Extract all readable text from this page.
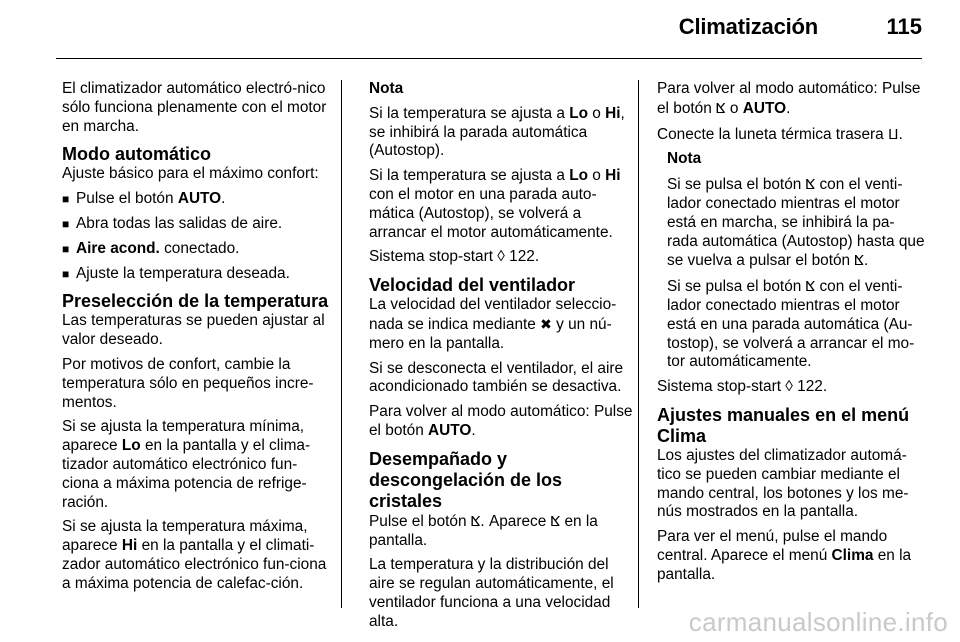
Climatización	115

El climatizador automático electró-nico sólo funciona plenamente con el motor en marcha.

Modo automático

Ajuste básico para el máximo confort:

■ Pulse el botón AUTO.
■ Abra todas las salidas de aire.
■ Aire acond. conectado.
■ Ajuste la temperatura deseada.
Preselección de la temperatura

Las temperaturas se pueden ajustar al valor deseado.

Por motivos de confort, cambie la temperatura sólo en pequeños incre-mentos.

Si se ajusta la temperatura mínima, aparece Lo en la pantalla y el clima-tizador automático electrónico fun-ciona a máxima potencia de refrige-ración.

Si se ajusta la temperatura máxima, aparece Hi en la pantalla y el climati-zador automático electrónico fun-ciona a máxima potencia de calefac-ción.

Nota

Si la temperatura se ajusta a Lo o Hi, se inhibirá la parada automática (Autostop).

Si la temperatura se ajusta a Lo o Hi con el motor en una parada auto-mática (Autostop), se volverá a arrancar el motor automáticamente.

Sistema stop-start ◊ 122.

Velocidad del ventilador

La velocidad del ventilador seleccio-nada se indica mediante ✖ y un nú-mero en la pantalla.

Si se desconecta el ventilador, el aire acondicionado también se desactiva.

Para volver al modo automático: Pulse el botón AUTO.

Desempañado y descongelación de los cristales

Pulse el botón ⴿ. Aparece ⴿ en la pantalla.

La temperatura y la distribución del aire se regulan automáticamente, el ventilador funciona a una velocidad alta.

Para volver al modo automático: Pulse el botón ⴿ o AUTO.

Conecte la luneta térmica trasera ⵡ.

Nota

Si se pulsa el botón ⴿ con el venti-lador conectado mientras el motor está en marcha, se inhibirá la pa-rada automática (Autostop) hasta que se vuelva a pulsar el botón ⴿ.

Si se pulsa el botón ⴿ con el venti-lador conectado mientras el motor está en una parada automática (Au-tostop), se volverá a arrancar el mo-tor automáticamente.

Sistema stop-start ◊ 122.

Ajustes manuales en el menú Clima

Los ajustes del climatizador automá-tico se pueden cambiar mediante el mando central, los botones y los me-nús mostrados en la pantalla.

Para ver el menú, pulse el mando central. Aparece el menú Clima en la pantalla.

carmanualsonline.info
